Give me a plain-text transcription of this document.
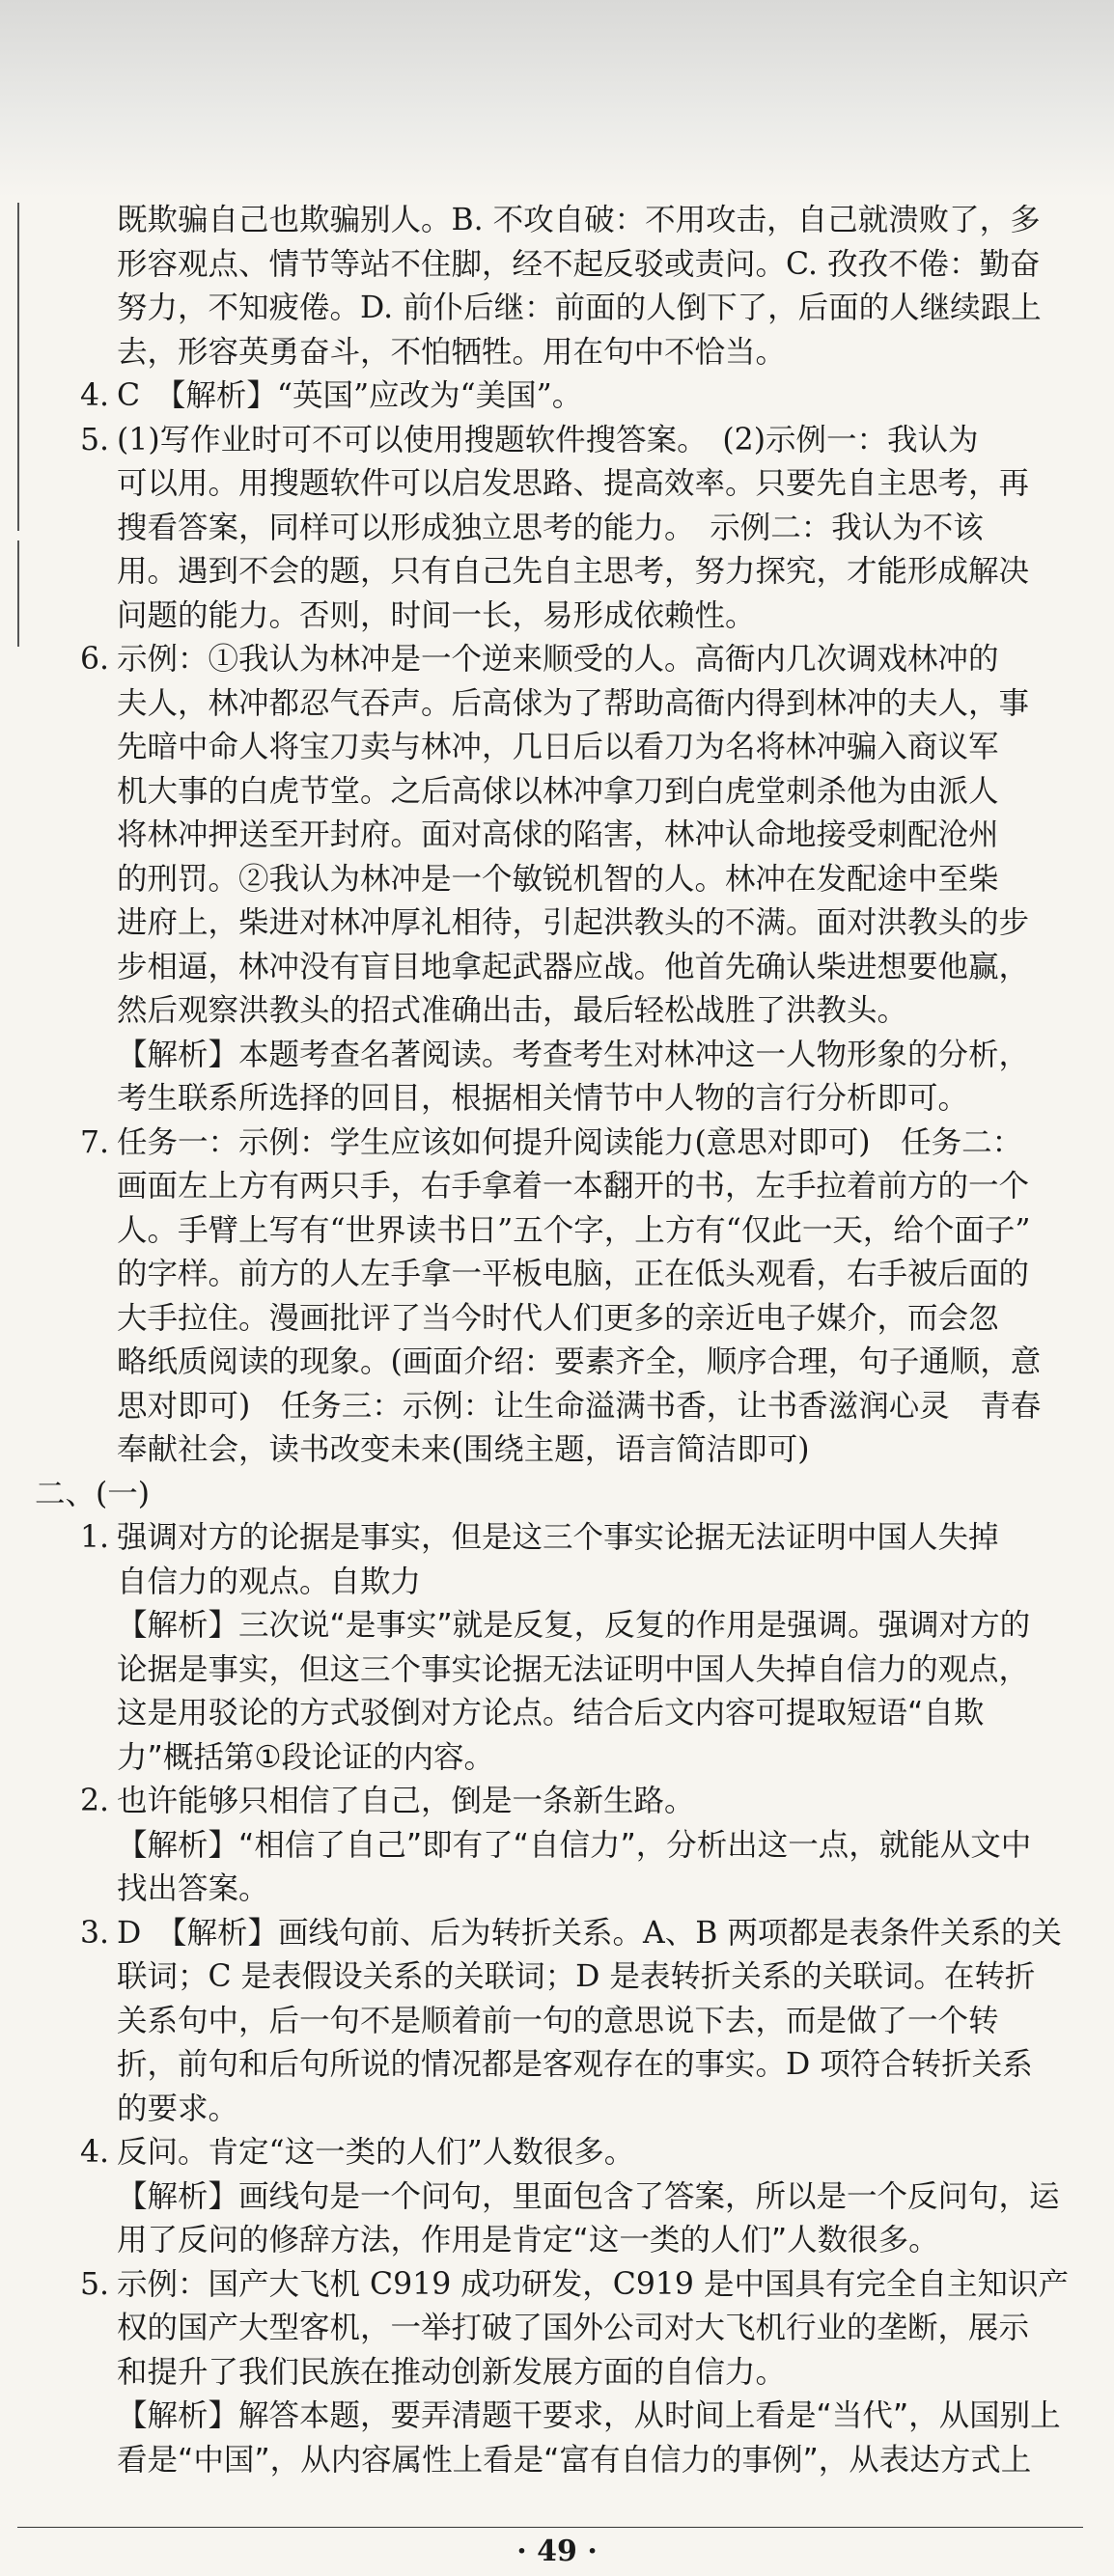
既欺骗自己也欺骗别人。B. 不攻自破：不用攻击，自己就溃败了，多
形容观点、情节等站不住脚，经不起反驳或责问。C. 孜孜不倦：勤奋
努力，不知疲倦。D. 前仆后继：前面的人倒下了，后面的人继续跟上
去，形容英勇奋斗，不怕牺牲。用在句中不恰当。
4. C　【解析】“英国”应改为“美国”。
5. (1)写作业时可不可以使用搜题软件搜答案。　(2)示例一：我认为
可以用。用搜题软件可以启发思路、提高效率。只要先自主思考，再
搜看答案，同样可以形成独立思考的能力。　示例二：我认为不该
用。遇到不会的题，只有自己先自主思考，努力探究，才能形成解决
问题的能力。否则，时间一长，易形成依赖性。
6. 示例：①我认为林冲是一个逆来顺受的人。高衙内几次调戏林冲的
夫人，林冲都忍气吞声。后高俅为了帮助高衙内得到林冲的夫人，事
先暗中命人将宝刀卖与林冲，几日后以看刀为名将林冲骗入商议军
机大事的白虎节堂。之后高俅以林冲拿刀到白虎堂刺杀他为由派人
将林冲押送至开封府。面对高俅的陷害，林冲认命地接受刺配沧州
的刑罚。②我认为林冲是一个敏锐机智的人。林冲在发配途中至柴
进府上，柴进对林冲厚礼相待，引起洪教头的不满。面对洪教头的步
步相逼，林冲没有盲目地拿起武器应战。他首先确认柴进想要他赢，
然后观察洪教头的招式准确出击，最后轻松战胜了洪教头。
【解析】本题考查名著阅读。考查考生对林冲这一人物形象的分析，
考生联系所选择的回目，根据相关情节中人物的言行分析即可。
7. 任务一：示例：学生应该如何提升阅读能力(意思对即可)　任务二：
画面左上方有两只手，右手拿着一本翻开的书，左手拉着前方的一个
人。手臂上写有“世界读书日”五个字，上方有“仅此一天，给个面子”
的字样。前方的人左手拿一平板电脑，正在低头观看，右手被后面的
大手拉住。漫画批评了当今时代人们更多的亲近电子媒介，而会忽
略纸质阅读的现象。(画面介绍：要素齐全，顺序合理，句子通顺，意
思对即可)　任务三：示例：让生命溢满书香，让书香滋润心灵　青春
奉献社会，读书改变未来(围绕主题，语言简洁即可)
二、(一)
1. 强调对方的论据是事实，但是这三个事实论据无法证明中国人失掉
自信力的观点。自欺力
【解析】三次说“是事实”就是反复，反复的作用是强调。强调对方的
论据是事实，但这三个事实论据无法证明中国人失掉自信力的观点，
这是用驳论的方式驳倒对方论点。结合后文内容可提取短语“自欺
力”概括第①段论证的内容。
2. 也许能够只相信了自己，倒是一条新生路。
【解析】“相信了自己”即有了“自信力”，分析出这一点，就能从文中
找出答案。
3. D　【解析】画线句前、后为转折关系。A、B 两项都是表条件关系的关
联词；C 是表假设关系的关联词；D 是表转折关系的关联词。在转折
关系句中，后一句不是顺着前一句的意思说下去，而是做了一个转
折，前句和后句所说的情况都是客观存在的事实。D 项符合转折关系
的要求。
4. 反问。肯定“这一类的人们”人数很多。
【解析】画线句是一个问句，里面包含了答案，所以是一个反问句，运
用了反问的修辞方法，作用是肯定“这一类的人们”人数很多。
5. 示例：国产大飞机 C919 成功研发，C919 是中国具有完全自主知识产
权的国产大型客机，一举打破了国外公司对大飞机行业的垄断，展示
和提升了我们民族在推动创新发展方面的自信力。
【解析】解答本题，要弄清题干要求，从时间上看是“当代”，从国别上
看是“中国”，从内容属性上看是“富有自信力的事例”，从表达方式上
· 49 ·
